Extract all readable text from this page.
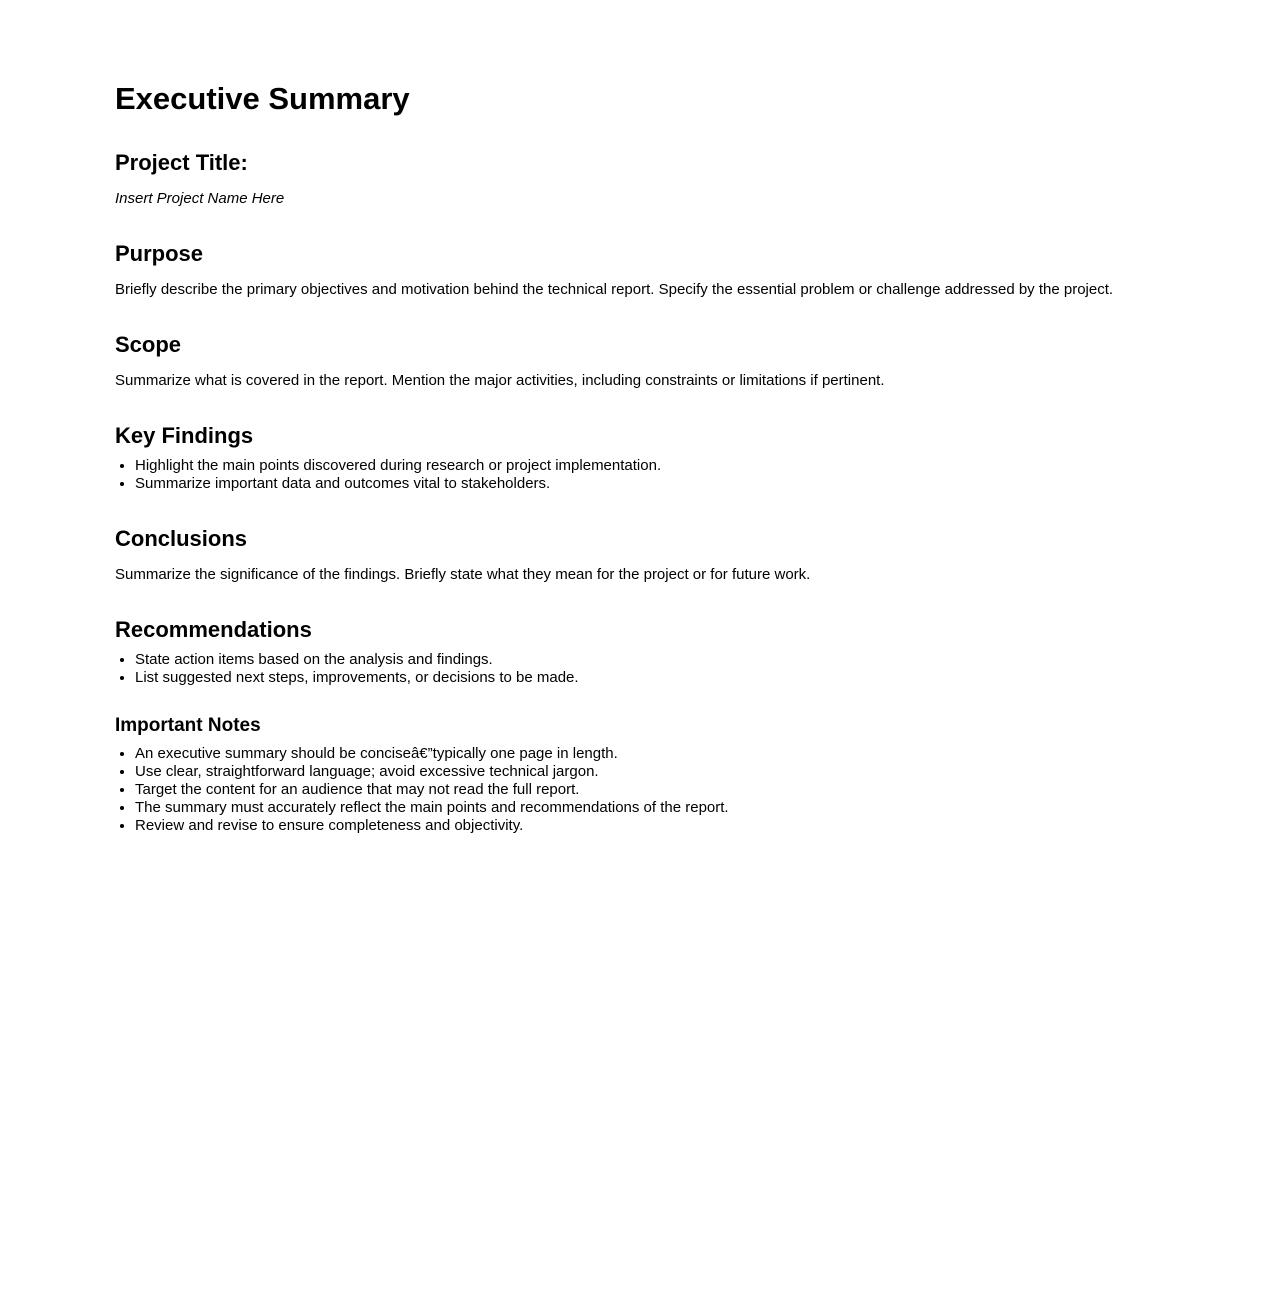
Executive Summary
Project Title:

Insert Project Name Here

Purpose

Briefly describe the primary objectives and motivation behind the technical report. Specify the essential problem or challenge addressed by the project.

Scope

Summarize what is covered in the report. Mention the major activities, including constraints or limitations if pertinent.

Key Findings
• Highlight the main points discovered during research or project implementation.
• Summarize important data and outcomes vital to stakeholders.
Conclusions

Summarize the significance of the findings. Briefly state what they mean for the project or for future work.

Recommendations
• State action items based on the analysis and findings.
• List suggested next steps, improvements, or decisions to be made.
Important Notes
• An executive summary should be conciseâ€”typically one page in length.
• Use clear, straightforward language; avoid excessive technical jargon.
• Target the content for an audience that may not read the full report.
• The summary must accurately reflect the main points and recommendations of the report.
• Review and revise to ensure completeness and objectivity.
